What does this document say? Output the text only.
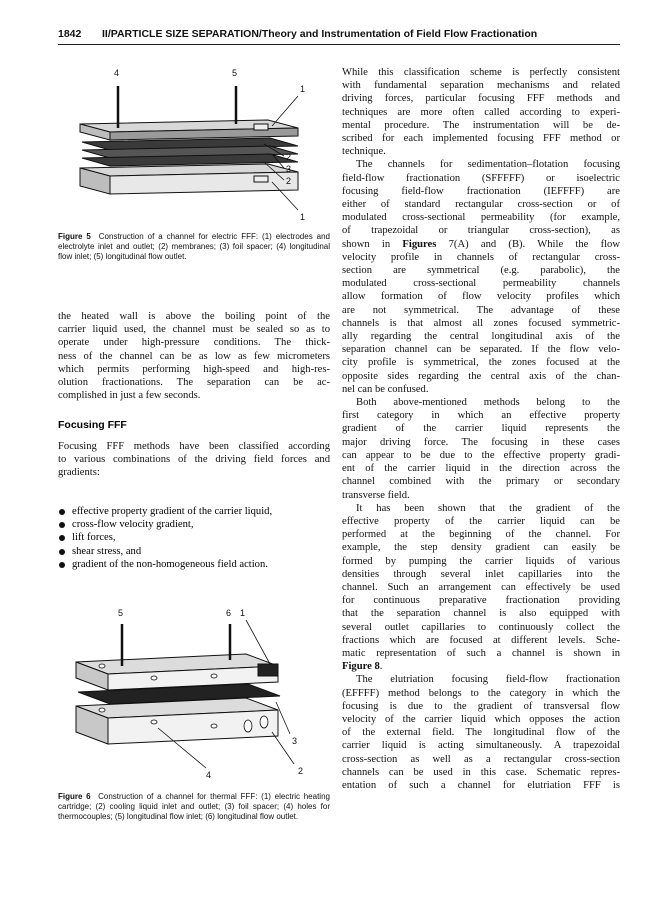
1842 II/PARTICLE SIZE SEPARATION/Theory and Instrumentation of Field Flow Fractionation
4	5
1
2
3
2
1
Figure 5 Construction of a channel for electric FFF: (1) electrodes and electrolyte inlet and outlet; (2) membranes; (3) foil spacer; (4) longitudinal flow inlet; (5) longitudinal flow outlet.

the heated wall is above the boiling point of the

carrier liquid used, the channel must be sealed so as to

operate under high-pressure conditions. The thick-

ness of the channel can be as low as few micrometers

which permits performing high-speed and high-res-

olution fractionations. The separation can be ac-

complished in just a few seconds.

Focusing FFF

Focusing FFF methods have been classified according

to various combinations of the driving field forces and

gradients:

effective property gradient of the carrier liquid,
cross-flow velocity gradient,
lift forces,
shear stress, and
gradient of the non-homogeneous field action.
5	6 1
3
4	2
Figure 6 Construction of a channel for thermal FFF: (1) electric heating cartridge; (2) cooling liquid inlet and outlet; (3) foil spacer; (4) holes for thermocouples; (5) longitudinal flow inlet; (6) longitudinal flow outlet.

While this classification scheme is perfectly consistent

with fundamental separation mechanisms and related

driving forces, particular focusing FFF methods and

techniques are more often called according to experi-

mental procedure. The instrumentation will be de-

scribed for each implemented focusing FFF method or

technique.

The channels for sedimentation–flotation focusing

field-flow fractionation (SFFFFF) or isoelectric

focusing field-flow fractionation (IEFFFF) are

either of standard rectangular cross-section or of

modulated cross-sectional permeability (for example,

of trapezoidal or triangular cross-section), as

shown in Figures 7(A) and (B). While the flow

velocity profile in channels of rectangular cross-

section are symmetrical (e.g. parabolic), the

modulated cross-sectional permeability channels

allow formation of flow velocity profiles which

are not symmetrical. The advantage of these

channels is that almost all zones focused symmetric-

ally regarding the central longitudinal axis of the

separation channel can be separated. If the flow velo-

city profile is symmetrical, the zones focused at the

opposite sides regarding the central axis of the chan-

nel can be confused.

Both above-mentioned methods belong to the

first category in which an effective property

gradient of the carrier liquid represents the

major driving force. The focusing in these cases

can appear to be due to the effective property gradi-

ent of the carrier liquid in the direction across the

channel combined with the primary or secondary

transverse field.

It has been shown that the gradient of the

effective property of the carrier liquid can be

performed at the beginning of the channel. For

example, the step density gradient can easily be

formed by pumping the carrier liquids of various

densities through several inlet capillaries into the

channel. Such an arrangement can effectively be used

for continuous preparative fractionation providing

that the separation channel is also equipped with

several outlet capillaries to continuously collect the

fractions which are focused at different levels. Sche-

matic representation of such a channel is shown in

Figure 8.

The elutriation focusing field-flow fractionation

(EFFFF) method belongs to the category in which the

focusing is due to the gradient of transversal flow

velocity of the carrier liquid which opposes the action

of the external field. The longitudinal flow of the

carrier liquid is acting simultaneously. A trapezoidal

cross-section as well as a rectangular cross-section

channels can be used in this case. Schematic repres-

entation of such a channel for elutriation FFF is
